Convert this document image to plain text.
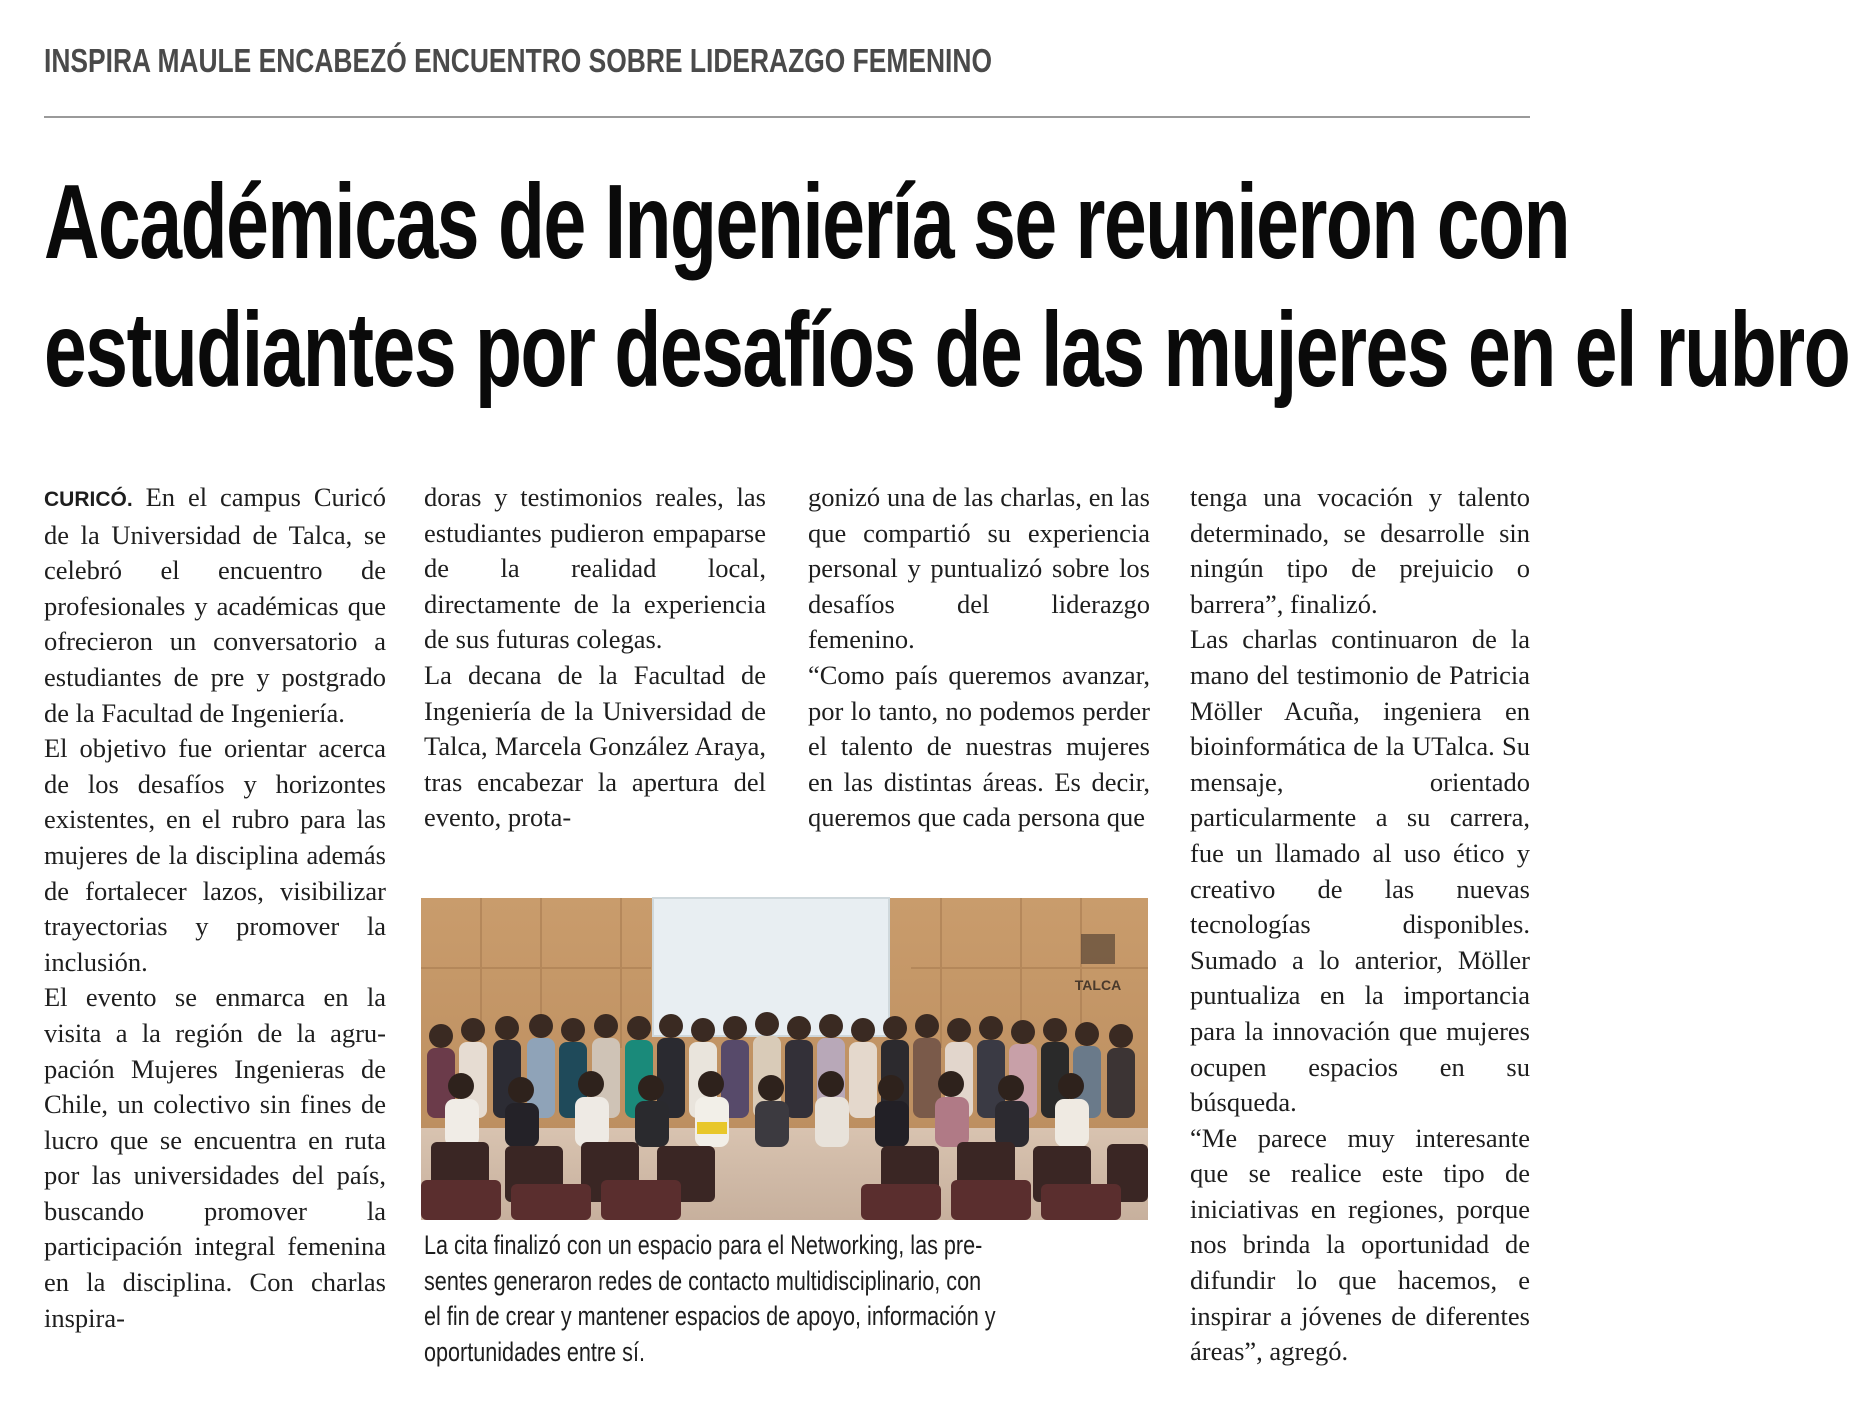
INSPIRA MAULE ENCABEZÓ ENCUENTRO SOBRE LIDERAZGO FEMENINO
Académicas de Ingeniería se reunieron con
estudiantes por desafíos de las mujeres en el rubro

CURICÓ. En el campus Curicó de la Universidad de Talca, se celebró el encuentro de profesionales y académicas que ofrecieron un conversatorio a estudiantes de pre y postgrado de la Facultad de Ingeniería.

El objetivo fue orientar acerca de los desafíos y horizontes existentes, en el rubro para las mujeres de la disciplina además de fortalecer lazos, visibilizar trayectorias y promover la inclusión.

El evento se enmarca en la visita a la región de la agrupación Mujeres Ingenieras de Chile, un colectivo sin fines de lucro que se encuentra en ruta por las universidades del país, buscando promover la participación integral femenina en la disciplina. Con charlas inspira-

doras y testimonios reales, las estudiantes pudieron empaparse de la realidad local, directamente de la experiencia de sus futuras colegas.

La decana de la Facultad de Ingeniería de la Universidad de Talca, Marcela González Araya, tras encabezar la apertura del evento, prota-

gonizó una de las charlas, en las que compartió su experiencia personal y puntualizó sobre los desafíos del liderazgo femenino.

“Como país queremos avanzar, por lo tanto, no podemos perder el talento de nuestras mujeres en las distintas áreas. Es decir, queremos que cada persona que

tenga una vocación y talento determinado, se desarrolle sin ningún tipo de prejuicio o barrera”, finalizó.

Las charlas continuaron de la mano del testimonio de Patricia Möller Acuña, ingeniera en bioinformática de la UTalca. Su mensaje, orientado particularmente a su carrera, fue un llamado al uso ético y creativo de las nuevas tecnologías disponibles. Sumado a lo anterior, Möller puntualiza en la importancia para la innovación que mujeres ocupen espacios en su búsqueda.

“Me parece muy interesante que se realice este tipo de iniciativas en regiones, porque nos brinda la oportunidad de difundir lo que hacemos, e inspirar a jóvenes de diferentes áreas”, agregó.

TALCA
La cita finalizó con un espacio para el Networking, las pre-
sentes generaron redes de contacto multidisciplinario, con
el fin de crear y mantener espacios de apoyo, información y
oportunidades entre sí.
